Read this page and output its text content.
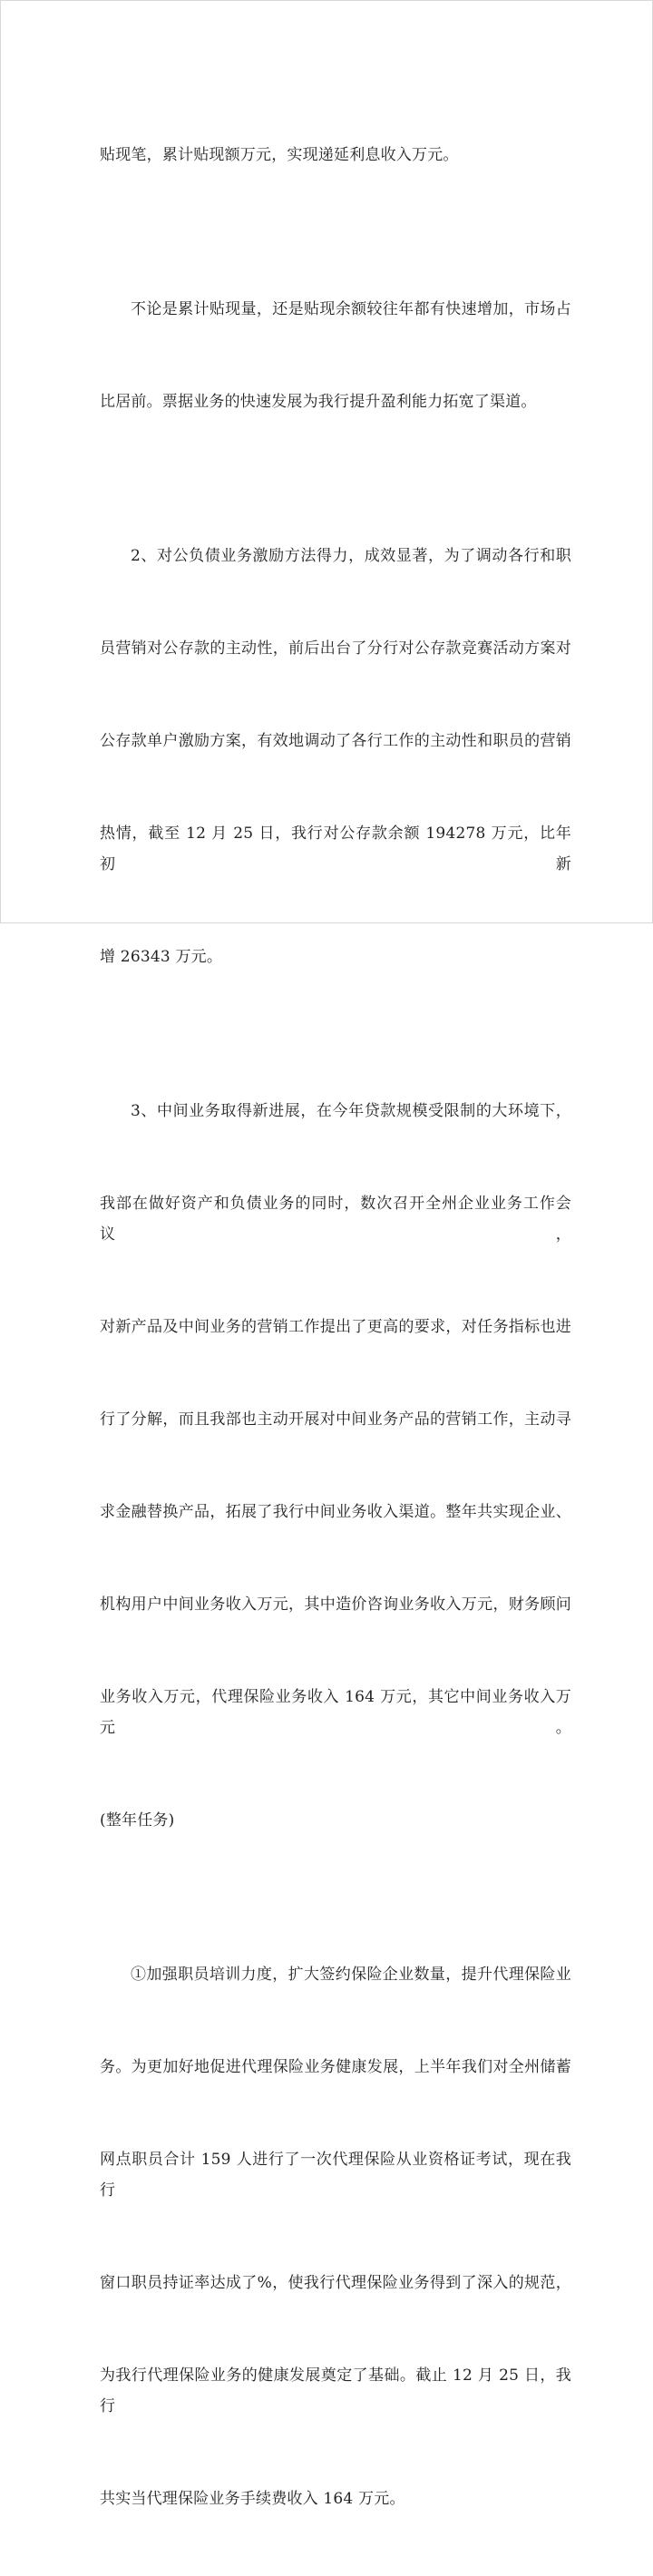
贴现笔，累计贴现额万元，实现递延利息收入万元。

不论是累计贴现量，还是贴现余额较往年都有快速增加，市场占

比居前。票据业务的快速发展为我行提升盈利能力拓宽了渠道。

2、对公负债业务激励方法得力，成效显著，为了调动各行和职

员营销对公存款的主动性，前后出台了分行对公存款竞赛活动方案对

公存款单户激励方案，有效地调动了各行工作的主动性和职员的营销

热情，截至 12 月 25 日，我行对公存款余额 194278 万元，比年初新

增 26343 万元。

3、中间业务取得新进展，在今年贷款规模受限制的大环境下，

我部在做好资产和负债业务的同时，数次召开全州企业业务工作会议，

对新产品及中间业务的营销工作提出了更高的要求，对任务指标也进

行了分解，而且我部也主动开展对中间业务产品的营销工作，主动寻

求金融替换产品，拓展了我行中间业务收入渠道。整年共实现企业、

机构用户中间业务收入万元，其中造价咨询业务收入万元，财务顾问

业务收入万元，代理保险业务收入 164 万元，其它中间业务收入万元。

(整年任务)

①加强职员培训力度，扩大签约保险企业数量，提升代理保险业

务。为更加好地促进代理保险业务健康发展，上半年我们对全州储蓄

网点职员合计 159 人进行了一次代理保险从业资格证考试，现在我行

窗口职员持证率达成了%，使我行代理保险业务得到了深入的规范，

为我行代理保险业务的健康发展奠定了基础。截止 12 月 25 日，我行

共实当代理保险业务手续费收入 164 万元。
